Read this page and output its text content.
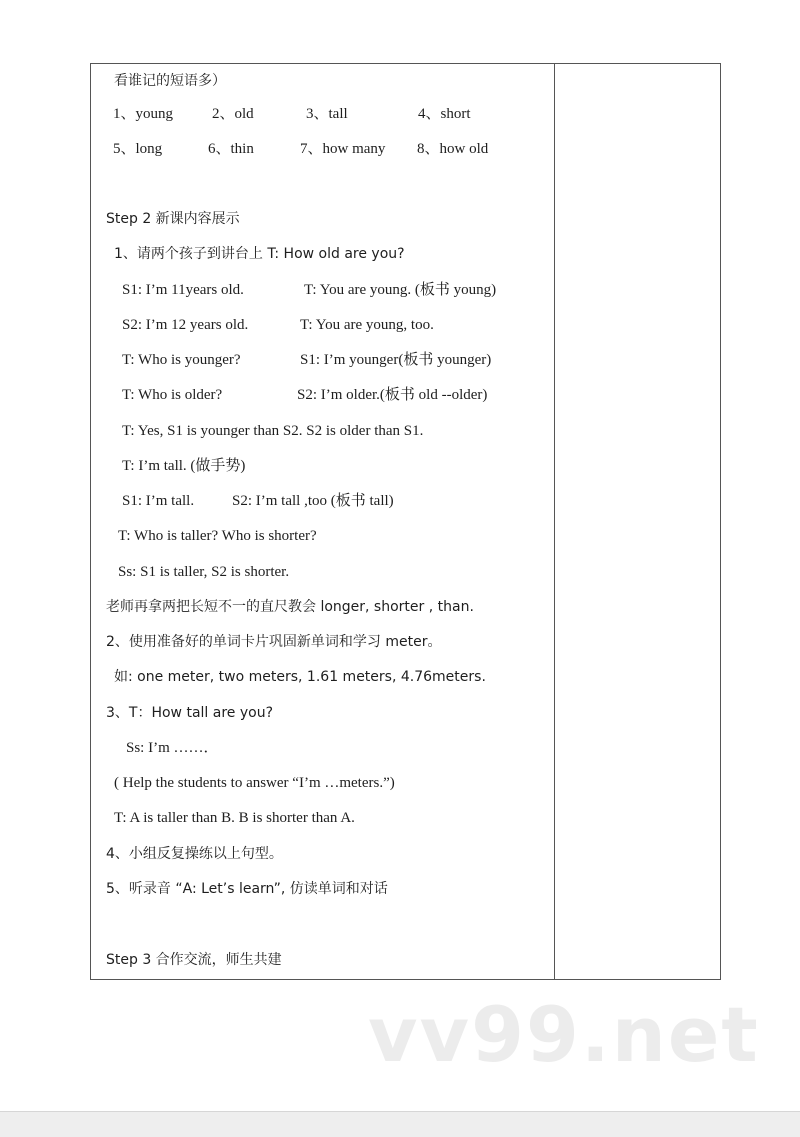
看谁记的短语多）
1、young	2、old	3、tall	4、short
5、long	6、thin	7、how many 8、how old
Step 2 新课内容展示
1、请两个孩子到讲台上 T: How old are you?
S1: I’m 11years old.	T: You are young. (板书 young)
S2: I’m 12 years old.	T: You are young, too.
T: Who is younger?	S1: I’m younger(板书 younger)
T: Who is older?	S2: I’m older.(板书 old --older)
T: Yes, S1 is younger than S2. S2 is older than S1.
T: I’m tall. (做手势)
S1: I’m tall.	S2: I’m tall ,too (板书 tall)
T: Who is taller? Who is shorter?
Ss: S1 is taller, S2 is shorter.
老师再拿两把长短不一的直尺教会 longer, shorter , than.
2、使用准备好的单词卡片巩固新单词和学习 meter。
如: one meter, two meters, 1.61 meters, 4.76meters.
3、T：How tall are you?
Ss: I’m ……．
( Help the students to answer “I’m …meters.”)
T: A is taller than B. B is shorter than A.
4、小组反复操练以上句型。
5、听录音 “A: Let’s learn”, 仿读单词和对话
Step 3 合作交流，师生共建
vv99.net
